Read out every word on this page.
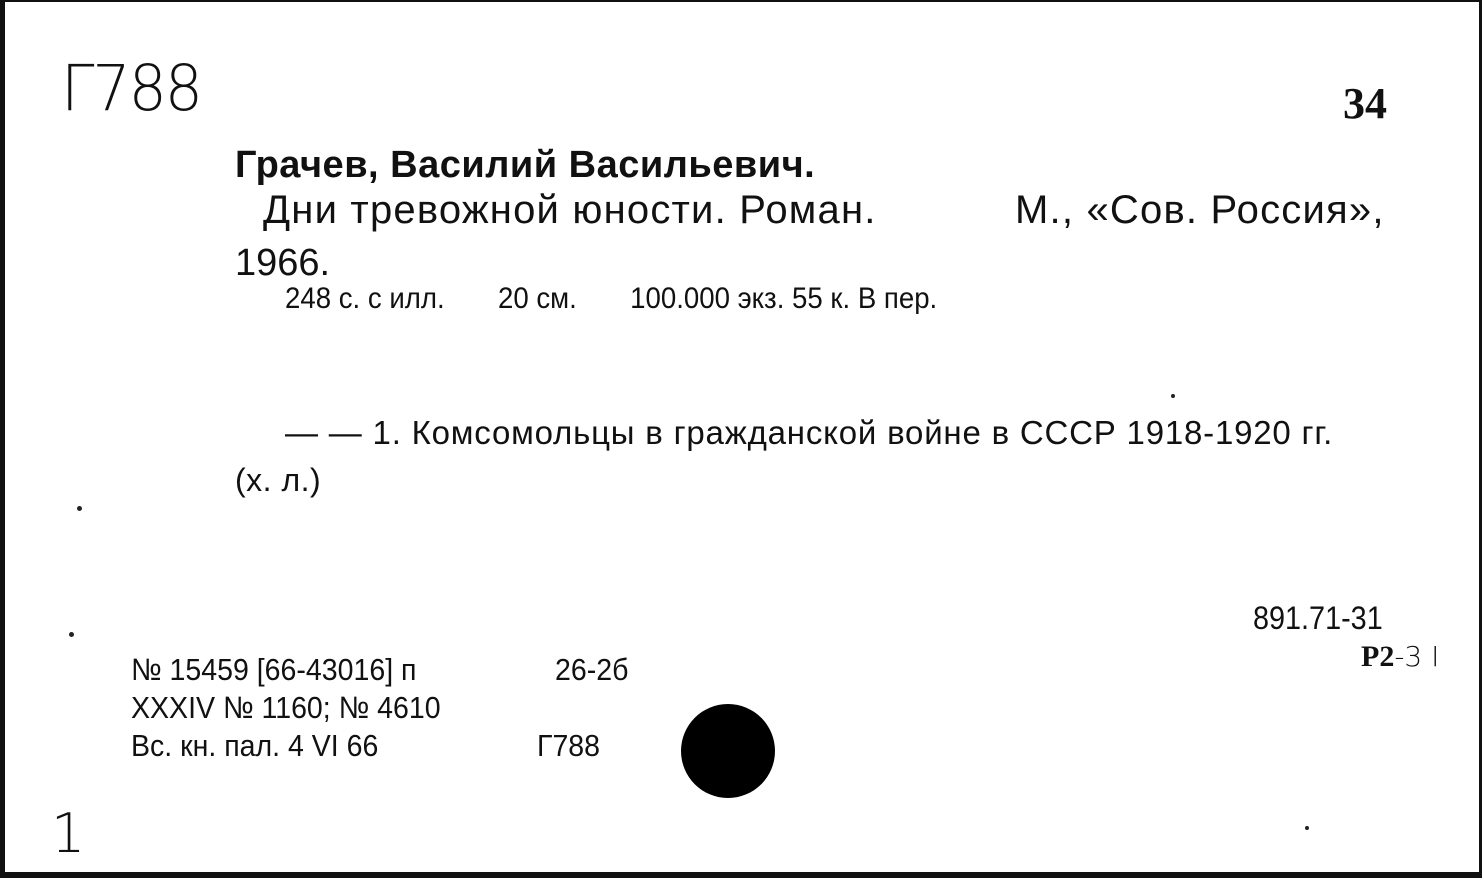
Г788	34
Грачев, Василий Васильевич.
Дни тревожной юности. Роман.	М., «Сов. Россия»,
1966.
248 с. с илл. 20 см. 100.000 экз. 55 к. В пер.
— — 1. Комсомольцы в гражданской войне в СССР 1918-1920 гг.
(х. л.)
891.71-31
Р2-3 I
№ 15459 [66-43016] п	26-2б
XXXIV № 1160; № 4610
Вс. кн. пал. 4 VI 66	Г788
1
